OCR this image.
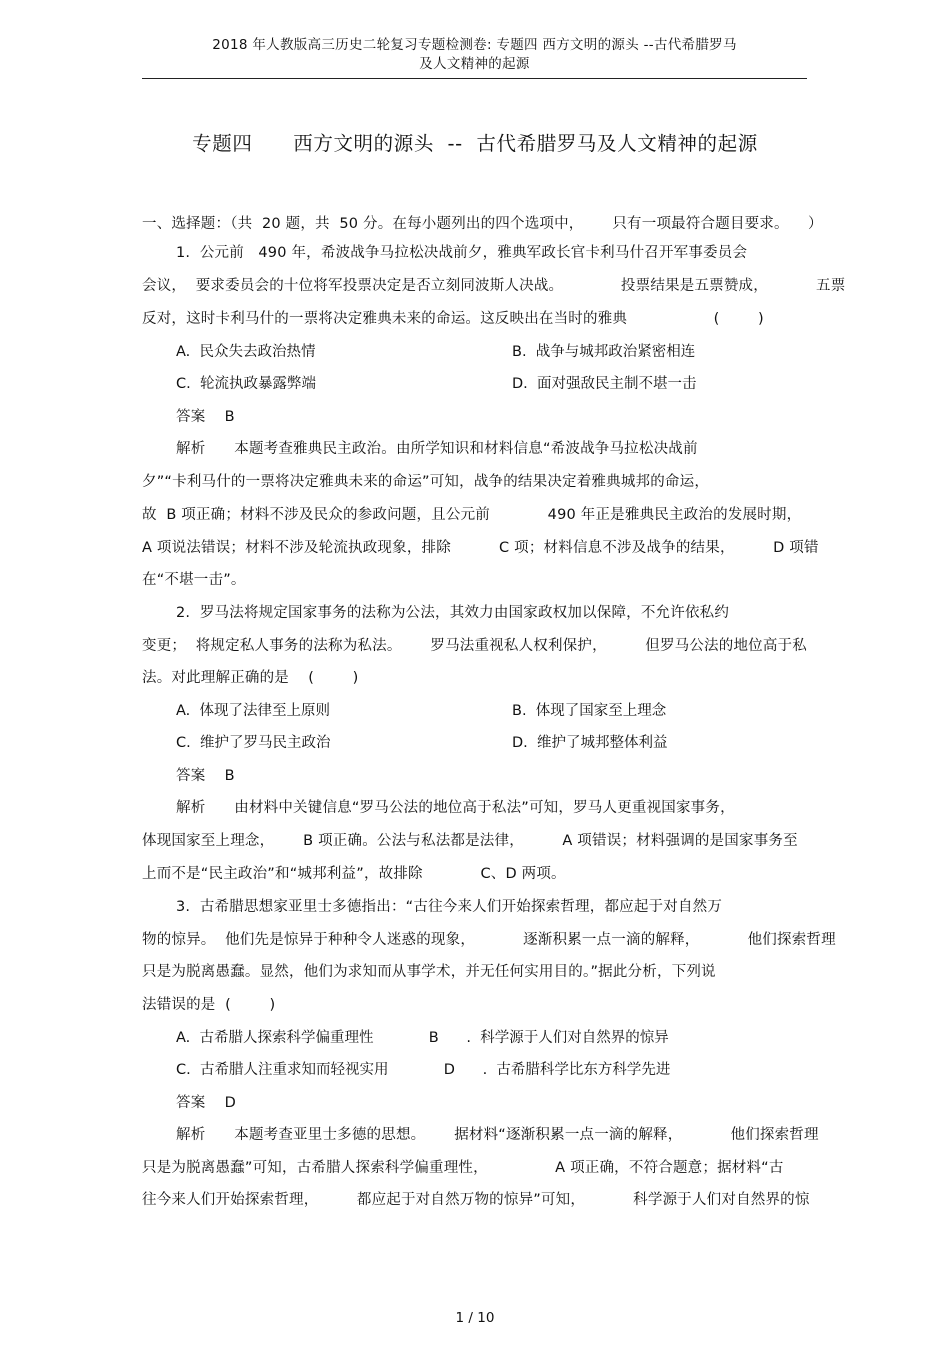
2018 年人教版高三历史二轮复习专题检测卷: 专题四 西方文明的源头 --古代希腊罗马
及人文精神的起源
专题四      西方文明的源头  --  古代希腊罗马及人文精神的起源
一、选择题：（共  20 题，共  50 分。在每小题列出的四个选项中，      只有一项最符合题目要求。    ）
1.  公元前   490 年，希波战争马拉松决战前夕，雅典军政长官卡利马什召开军事委员会
会议，  要求委员会的十位将军投票决定是否立刻同波斯人决战。            投票结果是五票赞成，          五票
反对，这时卡利马什的一票将决定雅典未来的命运。这反映出在当时的雅典                  (        )
A.  民众失去政治热情	B.  战争与城邦政治紧密相连
C.  轮流执政暴露弊端	D.  面对强敌民主制不堪一击
答案    B
解析      本题考查雅典民主政治。由所学知识和材料信息“希波战争马拉松决战前
夕”“卡利马什的一票将决定雅典未来的命运”可知，战争的结果决定着雅典城邦的命运，
故  B 项正确；材料不涉及民众的参政问题，且公元前            490 年正是雅典民主政治的发展时期，
A 项说法错误；材料不涉及轮流执政现象，排除          C 项；材料信息不涉及战争的结果，        D 项错
在“不堪一击”。
2.  罗马法将规定国家事务的法称为公法，其效力由国家政权加以保障，不允许依私约
变更；  将规定私人事务的法称为私法。      罗马法重视私人权利保护，        但罗马公法的地位高于私
法。对此理解正确的是    (        )
A.  体现了法律至上原则	B.  体现了国家至上理念
C.  维护了罗马民主政治	D.  维护了城邦整体利益
答案    B
解析      由材料中关键信息“罗马公法的地位高于私法”可知，罗马人更重视国家事务，
体现国家至上理念，      B 项正确。公法与私法都是法律，        A 项错误；材料强调的是国家事务至
上而不是“民主政治”和“城邦利益”，故排除            C、D 两项。
3.  古希腊思想家亚里士多德指出：“古往今来人们开始探索哲理，都应起于对自然万
物的惊异。  他们先是惊异于种种令人迷惑的现象，          逐渐积累一点一滴的解释，          他们探索哲理
只是为脱离愚蠢。显然，他们为求知而从事学术，并无任何实用目的。”据此分析，下列说
法错误的是  (        )
A.  古希腊人探索科学偏重理性            B      .  科学源于人们对自然界的惊异
C.  古希腊人注重求知而轻视实用            D      .  古希腊科学比东方科学先进
答案    D
解析      本题考查亚里士多德的思想。      据材料“逐渐积累一点一滴的解释，          他们探索哲理
只是为脱离愚蠢”可知，古希腊人探索科学偏重理性，              A 项正确，不符合题意；据材料“古
往今来人们开始探索哲理，        都应起于对自然万物的惊异”可知，          科学源于人们对自然界的惊
1 / 10
